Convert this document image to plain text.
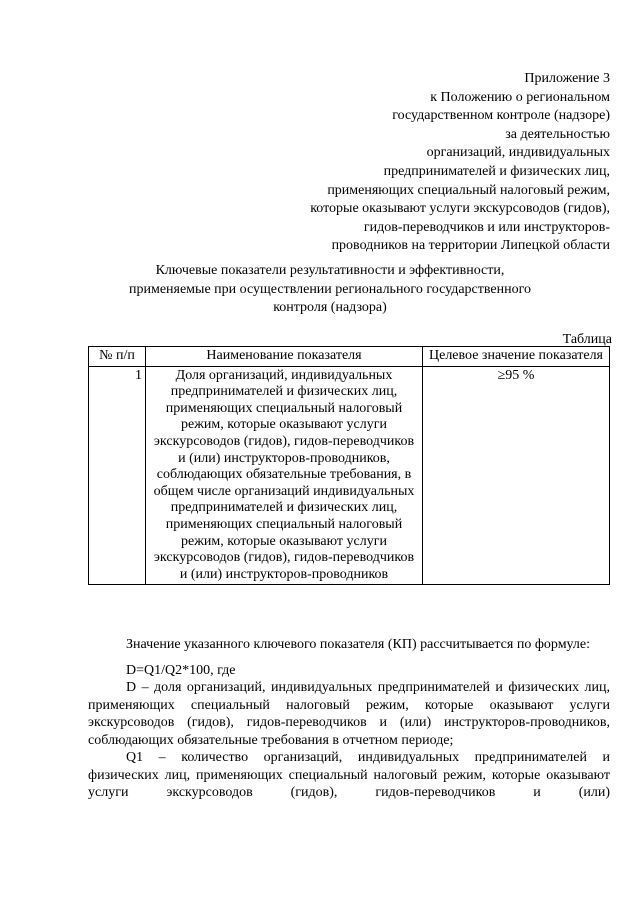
Приложение 3
к Положению о региональном
государственном контроле (надзоре)
за деятельностью
организаций, индивидуальных
предпринимателей и физических лиц,
применяющих специальный налоговый режим,
которые оказывают услуги экскурсоводов (гидов),
гидов-переводчиков и или инструкторов-
проводников на территории Липецкой области
Ключевые показатели результативности и эффективности,
применяемые при осуществлении регионального государственного
контроля (надзора)
Таблица
№ п/п	Наименование показателя	Целевое значение показателя
1	Доля организаций, индивидуальных предпринимателей и физических лиц, применяющих специальный налоговый режим, которые оказывают услуги экскурсоводов (гидов), гидов-переводчиков и (или) инструкторов-проводников, соблюдающих обязательные требования, в общем числе организаций индивидуальных предпринимателей и физических лиц, применяющих специальный налоговый режим, которые оказывают услуги экскурсоводов (гидов), гидов-переводчиков и (или) инструкторов-проводников	≥95 %

Значение указанного ключевого показателя (КП) рассчитывается по формуле:

D=Q1/Q2*100, где

D – доля организаций, индивидуальных предпринимателей и физических лиц, применяющих специальный налоговый режим, которые оказывают услуги экскурсоводов (гидов), гидов-переводчиков и (или) инструкторов-проводников, соблюдающих обязательные требования в отчетном периоде;

Q1 – количество организаций, индивидуальных предпринимателей и физических лиц, применяющих специальный налоговый режим, которые оказывают услуги экскурсоводов (гидов), гидов-переводчиков и (или)
